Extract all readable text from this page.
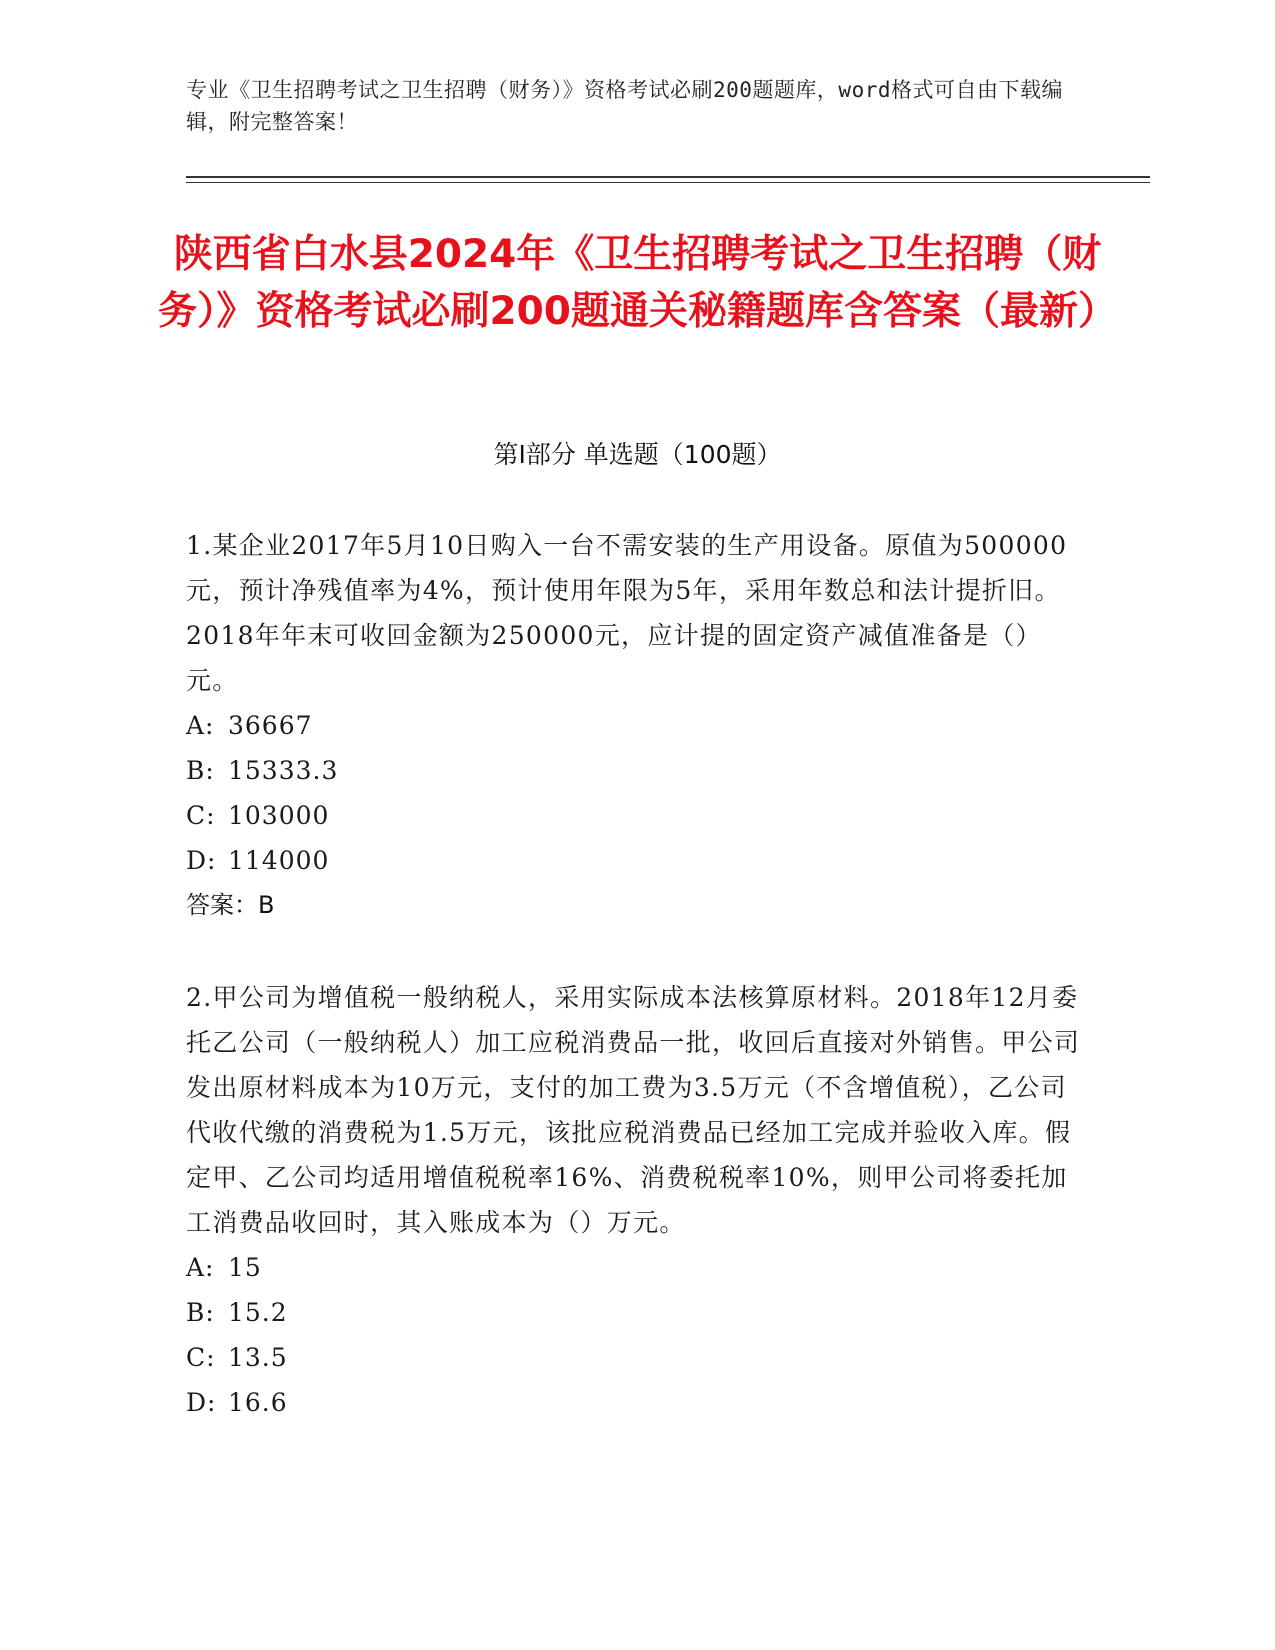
专业《卫生招聘考试之卫生招聘（财务）》资格考试必刷200题题库，word格式可自由下载编辑，附完整答案！
陕西省白水县2024年《卫生招聘考试之卫生招聘（财务）》资格考试必刷200题通关秘籍题库含答案（最新）
第I部分 单选题（100题）

1.某企业2017年5月10日购入一台不需安装的生产用设备。原值为500000元，预计净残值率为4%，预计使用年限为5年，采用年数总和法计提折旧。2018年年末可收回金额为250000元，应计提的固定资产减值准备是（）元。

A: 36667

B: 15333.3

C: 103000

D: 114000

答案：B

2.甲公司为增值税一般纳税人，采用实际成本法核算原材料。2018年12月委托乙公司（一般纳税人）加工应税消费品一批，收回后直接对外销售。甲公司发出原材料成本为10万元，支付的加工费为3.5万元（不含增值税），乙公司代收代缴的消费税为1.5万元，该批应税消费品已经加工完成并验收入库。假定甲、乙公司均适用增值税税率16%、消费税税率10%，则甲公司将委托加工消费品收回时，其入账成本为（）万元。

A: 15

B: 15.2

C: 13.5

D: 16.6
